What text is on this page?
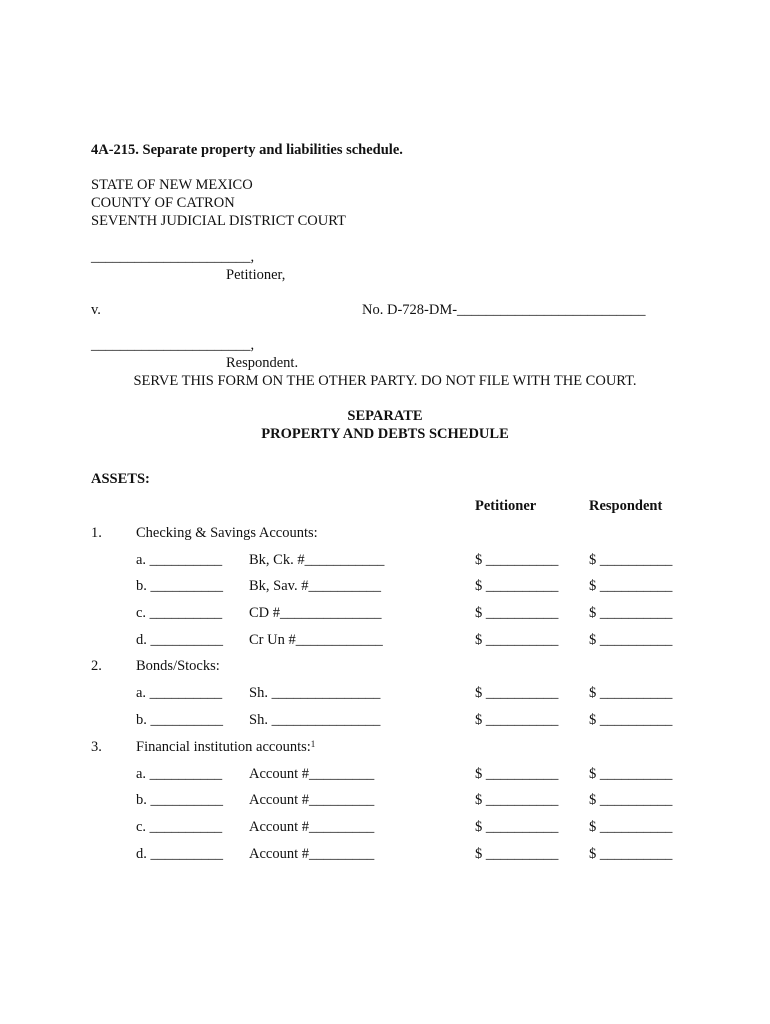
4A-215. Separate property and liabilities schedule.
STATE OF NEW MEXICO
COUNTY OF CATRON
SEVENTH JUDICIAL DISTRICT COURT
______________________,
Petitioner,
v.	No. D-728-DM-__________________________
______________________,
Respondent.
SERVE THIS FORM ON THE OTHER PARTY. DO NOT FILE WITH THE COURT.
SEPARATE
PROPERTY AND DEBTS SCHEDULE
ASSETS:
Petitioner	Respondent
1. Checking & Savings Accounts:
a. __________ Bk, Ck. #___________	$ __________ $ __________
b. __________ Bk, Sav. #__________	$ __________ $ __________
c. __________ CD #______________	$ __________ $ __________
d. __________ Cr Un #____________	$ __________ $ __________
2. Bonds/Stocks:
a. __________ Sh. _______________	$ __________ $ __________
b. __________ Sh. _______________	$ __________ $ __________
3. Financial institution accounts:$^1$
a. __________ Account #_________	$ __________ $ __________
b. __________ Account #_________	$ __________ $ __________
c. __________ Account #_________	$ __________ $ __________
d. __________ Account #_________	$ __________ $ __________
